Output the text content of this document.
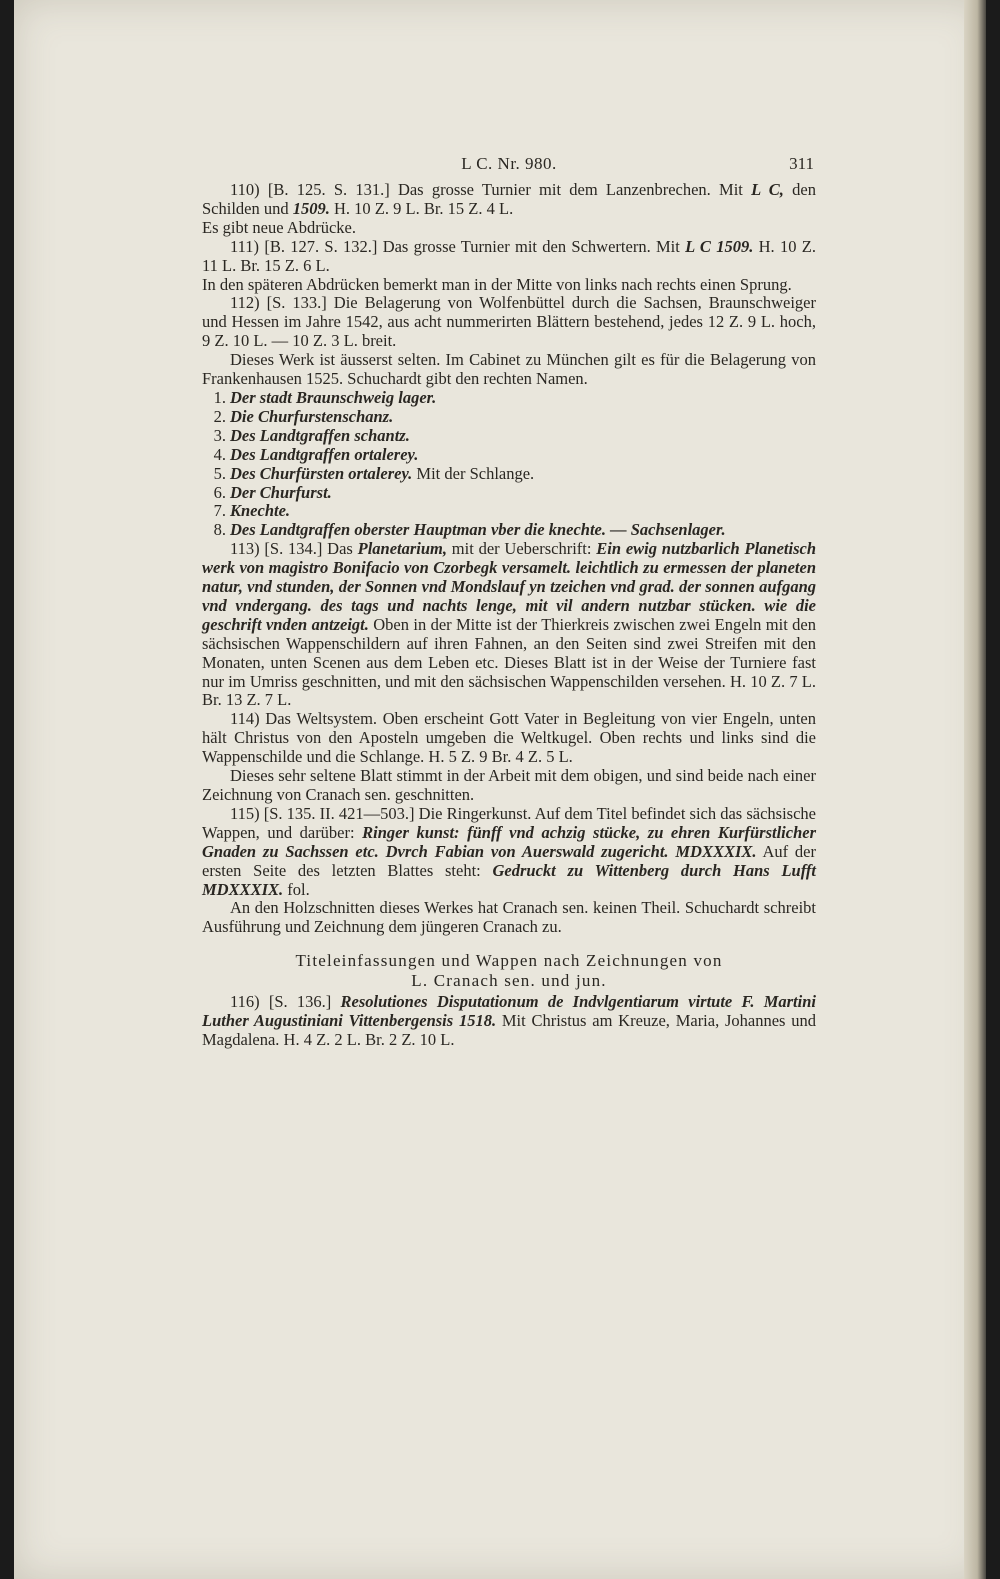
L C. Nr. 980.	311

110) [B. 125. S. 131.] Das grosse Turnier mit dem Lanzenbrechen. Mit L C, den Schilden und 1509. H. 10 Z. 9 L. Br. 15 Z. 4 L.

Es gibt neue Abdrücke.

111) [B. 127. S. 132.] Das grosse Turnier mit den Schwertern. Mit L C 1509. H. 10 Z. 11 L. Br. 15 Z. 6 L.

In den späteren Abdrücken bemerkt man in der Mitte von links nach rechts einen Sprung.

112) [S. 133.] Die Belagerung von Wolfenbüttel durch die Sachsen, Braunschweiger und Hessen im Jahre 1542, aus acht nummerirten Blättern bestehend, jedes 12 Z. 9 L. hoch, 9 Z. 10 L. — 10 Z. 3 L. breit.

Dieses Werk ist äusserst selten. Im Cabinet zu München gilt es für die Belagerung von Frankenhausen 1525. Schuchardt gibt den rechten Namen.

1. Der stadt Braunschweig lager.
2. Die Churfurstenschanz.
3. Des Landtgraffen schantz.
4. Des Landtgraffen ortalerey.
5. Des Churfürsten ortalerey. Mit der Schlange.
6. Der Churfurst.
7. Knechte.
8. Des Landtgraffen oberster Hauptman vber die knechte. — Sachsenlager.

113) [S. 134.] Das Planetarium, mit der Ueberschrift: Ein ewig nutzbarlich Planetisch werk von magistro Bonifacio von Czorbegk versamelt. leichtlich zu ermessen der planeten natur, vnd stunden, der Sonnen vnd Mondslauf yn tzeichen vnd grad. der sonnen aufgang vnd vndergang. des tags und nachts lenge, mit vil andern nutzbar stücken. wie die geschrift vnden antzeigt. Oben in der Mitte ist der Thierkreis zwischen zwei Engeln mit den sächsischen Wappenschildern auf ihren Fahnen, an den Seiten sind zwei Streifen mit den Monaten, unten Scenen aus dem Leben etc. Dieses Blatt ist in der Weise der Turniere fast nur im Umriss geschnitten, und mit den sächsischen Wappenschilden versehen. H. 10 Z. 7 L. Br. 13 Z. 7 L.

114) Das Weltsystem. Oben erscheint Gott Vater in Begleitung von vier Engeln, unten hält Christus von den Aposteln umgeben die Weltkugel. Oben rechts und links sind die Wappenschilde und die Schlange. H. 5 Z. 9 Br. 4 Z. 5 L.

Dieses sehr seltene Blatt stimmt in der Arbeit mit dem obigen, und sind beide nach einer Zeichnung von Cranach sen. geschnitten.

115) [S. 135. II. 421—503.] Die Ringerkunst. Auf dem Titel befindet sich das sächsische Wappen, und darüber: Ringer kunst: fünff vnd achzig stücke, zu ehren Kurfürstlicher Gnaden zu Sachssen etc. Dvrch Fabian von Auerswald zugericht. MDXXXIX. Auf der ersten Seite des letzten Blattes steht: Gedruckt zu Wittenberg durch Hans Lufft MDXXXIX. fol.

An den Holzschnitten dieses Werkes hat Cranach sen. keinen Theil. Schuchardt schreibt Ausführung und Zeichnung dem jüngeren Cranach zu.

Titeleinfassungen und Wappen nach Zeichnungen von
L. Cranach sen. und jun.

116) [S. 136.] Resolutiones Disputationum de Indvlgentiarum virtute F. Martini Luther Augustiniani Vittenbergensis 1518. Mit Christus am Kreuze, Maria, Johannes und Magdalena. H. 4 Z. 2 L. Br. 2 Z. 10 L.
